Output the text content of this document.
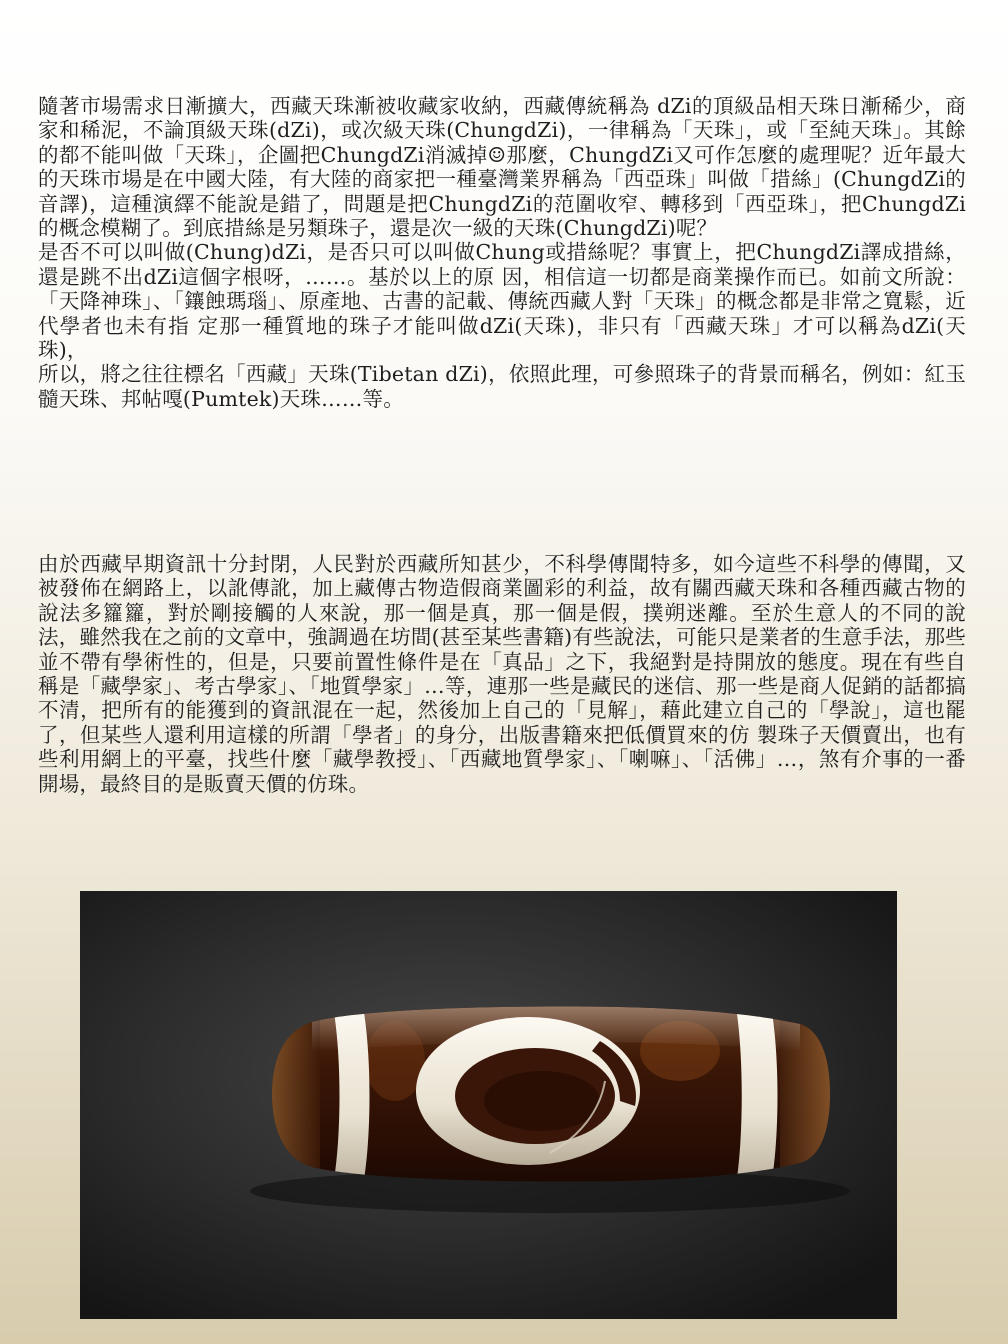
隨著市場需求日漸擴大，西藏天珠漸被收藏家收納，西藏傳統稱為 dZi的頂級品相天珠日漸稀少，商家和稀泥，不論頂級天珠(dZi)，或次級天珠(ChungdZi)，一律稱為「天珠」，或「至純天珠」。其餘的都不能叫做「天珠」，企圖把ChungdZi消滅掉☺那麼，ChungdZi又可作怎麼的處理呢？近年最大的天珠市場是在中國大陸，有大陸的商家把一種臺灣業界稱為「西亞珠」叫做「措絲」(ChungdZi的音譯)，這種演繹不能說是錯了，問題是把ChungdZi的范圍收窄、轉移到「西亞珠」，把ChungdZi的概念模糊了。到底措絲是另類珠子，還是次一級的天珠(ChungdZi)呢？

是否不可以叫做(Chung)dZi，是否只可以叫做Chung或措絲呢？事實上，把ChungdZi譯成措絲，還是跳不出dZi這個字根呀，……。基於以上的原 因，相信這一切都是商業操作而已。如前文所說：「天降神珠」、「鑲蝕瑪瑙」、原產地、古書的記載、傳統西藏人對「天珠」的概念都是非常之寬鬆，近代學者也未有指 定那一種質地的珠子才能叫做dZi(天珠)，非只有「西藏天珠」才可以稱為dZi(天珠)，

所以，將之往往標名「西藏」天珠(Tibetan dZi)，依照此理，可參照珠子的背景而稱名，例如：紅玉髓天珠、邦帖嘎(Pumtek)天珠……等。

由於西藏早期資訊十分封閉，人民對於西藏所知甚少，不科學傳聞特多，如今這些不科學的傳聞，又被發佈在網路上，以訛傳訛，加上藏傳古物造假商業圖彩的利益，故有關西藏天珠和各種西藏古物的說法多籮籮，對於剛接觸的人來說，那一個是真，那一個是假，撲朔迷離。至於生意人的不同的說法，雖然我在之前的文章中，強調過在坊間(甚至某些書籍)有些說法，可能只是業者的生意手法，那些並不帶有學術性的，但是，只要前置性條件是在「真品」之下，我絕對是持開放的態度。現在有些自稱是「藏學家」、考古學家」、「地質學家」…等，連那一些是藏民的迷信、那一些是商人促銷的話都搞不清，把所有的能獲到的資訊混在一起，然後加上自己的「見解」，藉此建立自己的「學說」，這也罷了，但某些人還利用這樣的所謂「學者」的身分，出版書籍來把低價買來的仿 製珠子天價賣出，也有些利用網上的平臺，找些什麼「藏學教授」、「西藏地質學家」、「喇嘛」、「活佛」…，煞有介事的一番開場，最終目的是販賣天價的仿珠。
